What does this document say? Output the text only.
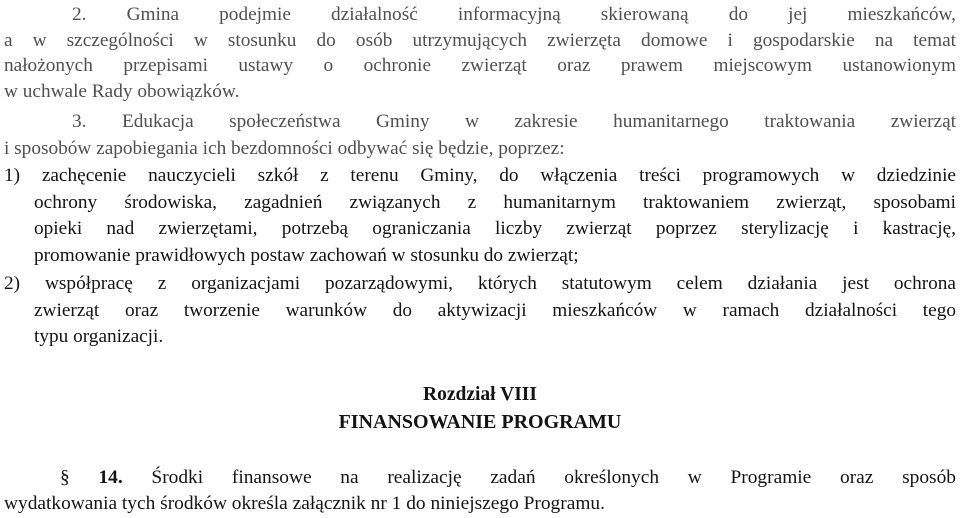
2. Gmina podejmie działalność informacyjną skierowaną do jej mieszkańców,

a w szczególności w stosunku do osób utrzymujących zwierzęta domowe i gospodarskie na temat

nałożonych przepisami ustawy o ochronie zwierząt oraz prawem miejscowym ustanowionym

w uchwale Rady obowiązków.

3. Edukacja społeczeństwa Gminy w zakresie humanitarnego traktowania zwierząt

i sposobów zapobiegania ich bezdomności odbywać się będzie, poprzez:

1) zachęcenie nauczycieli szkół z terenu Gminy, do włączenia treści programowych w dziedzinie

ochrony środowiska, zagadnień związanych z humanitarnym traktowaniem zwierząt, sposobami

opieki nad zwierzętami, potrzebą ograniczania liczby zwierząt poprzez sterylizację i kastrację,

promowanie prawidłowych postaw zachowań w stosunku do zwierząt;

2) współpracę z organizacjami pozarządowymi, których statutowym celem działania jest ochrona

zwierząt oraz tworzenie warunków do aktywizacji mieszkańców w ramach działalności tego

typu organizacji.

Rozdział VIII
FINANSOWANIE PROGRAMU

§ 14. Środki finansowe na realizację zadań określonych w Programie oraz sposób

wydatkowania tych środków określa załącznik nr 1 do niniejszego Programu.
